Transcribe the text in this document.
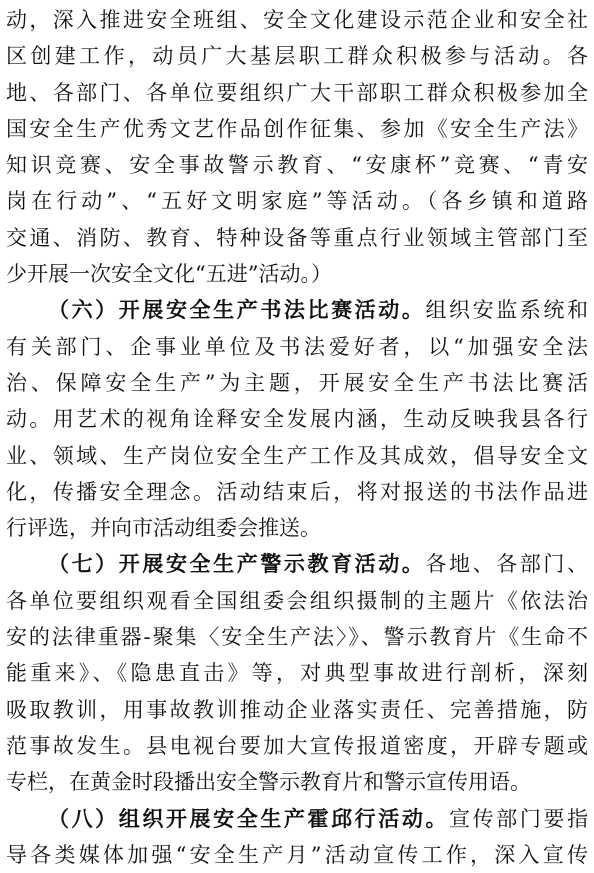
动，深入推进安全班组、安全文化建设示范企业和安全社
区创建工作，动员广大基层职工群众积极参与活动。各
地、各部门、各单位要组织广大干部职工群众积极参加全
国安全生产优秀文艺作品创作征集、参加《安全生产法》
知识竞赛、安全事故警示教育、“安康杯”竞赛、“青安
岗在行动”、“五好文明家庭”等活动。（各乡镇和道路
交通、消防、教育、特种设备等重点行业领域主管部门至
少开展一次安全文化“五进”活动。）
（六）开展安全生产书法比赛活动。组织安监系统和
有关部门、企事业单位及书法爱好者，以“加强安全法
治、保障安全生产”为主题，开展安全生产书法比赛活
动。用艺术的视角诠释安全发展内涵，生动反映我县各行
业、领域、生产岗位安全生产工作及其成效，倡导安全文
化，传播安全理念。活动结束后，将对报送的书法作品进
行评选，并向市活动组委会推送。
（七）开展安全生产警示教育活动。各地、各部门、
各单位要组织观看全国组委会组织摄制的主题片《依法治
安的法律重器-聚集〈安全生产法〉》、警示教育片《生命不
能重来》、《隐患直击》等，对典型事故进行剖析，深刻
吸取教训，用事故教训推动企业落实责任、完善措施，防
范事故发生。县电视台要加大宣传报道密度，开辟专题或
专栏，在黄金时段播出安全警示教育片和警示宣传用语。
（八）组织开展安全生产霍邱行活动。宣传部门要指
导各类媒体加强“安全生产月”活动宣传工作，深入宣传
